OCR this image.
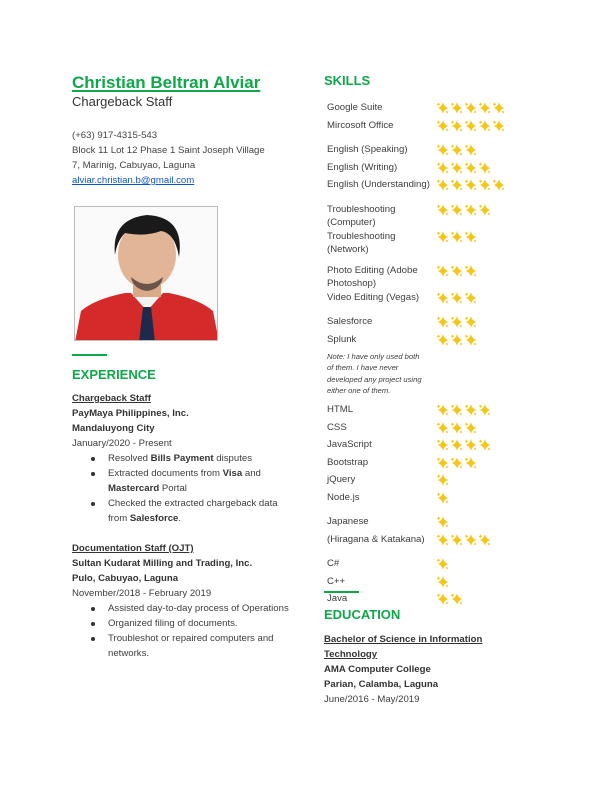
Christian Beltran Alviar
Chargeback Staff
(+63) 917-4315-543
Block 11 Lot 12 Phase 1 Saint Joseph Village
7, Marinig, Cabuyao, Laguna
alviar.christian.b@gmail.com
EXPERIENCE
Chargeback Staff
PayMaya Philippines, Inc.
Mandaluyong City
January/2020 - Present
Resolved Bills Payment disputes
Extracted documents from Visa and Mastercard Portal
Checked the extracted chargeback data from Salesforce.
Documentation Staff (OJT)
Sultan Kudarat Milling and Trading, Inc.
Pulo, Cabuyao, Laguna
November/2018 - February 2019
Assisted day-to-day process of Operations
Organized filing of documents.
Troubleshot or repaired computers and networks.
SKILLS
Google Suite
Mircosoft Office
English (Speaking)
English (Writing)
English (Understanding)
Troubleshooting (Computer)
Troubleshooting (Network)
Photo Editing (Adobe Photoshop)
Video Editing (Vegas)
Salesforce
Splunk
Note: I have only used both of them. I have never developed any project using either one of them.
HTML
CSS
JavaScript
Bootstrap
jQuery
Node.js
Japanese
(Hiragana & Katakana)
C#
C++
Java
EDUCATION
Bachelor of Science in Information Technology
AMA Computer College
Parian, Calamba, Laguna
June/2016 - May/2019
